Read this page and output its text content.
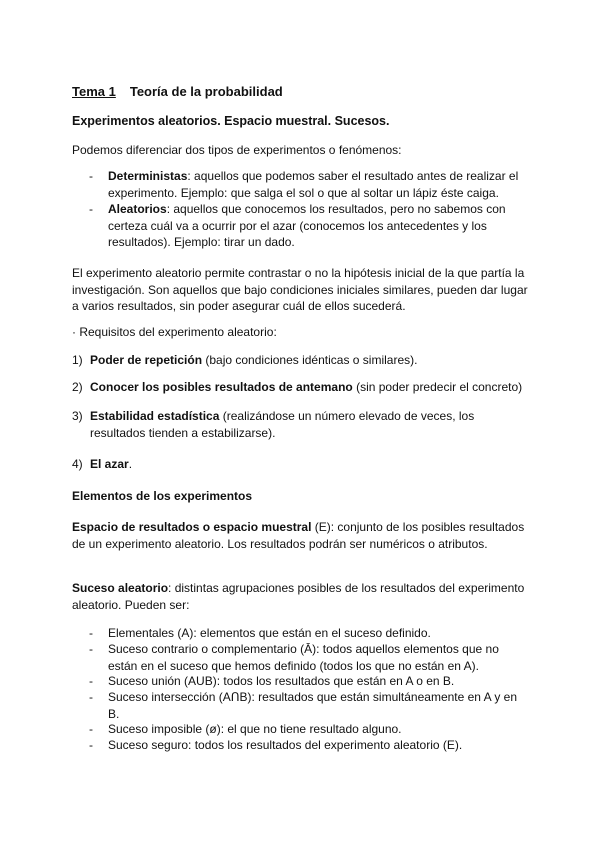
Tema 1 Teoría de la probabilidad
Experimentos aleatorios. Espacio muestral. Sucesos.
Podemos diferenciar dos tipos de experimentos o fenómenos:
- Deterministas: aquellos que podemos saber el resultado antes de realizar el experimento. Ejemplo: que salga el sol o que al soltar un lápiz éste caiga.
- Aleatorios: aquellos que conocemos los resultados, pero no sabemos con certeza cuál va a ocurrir por el azar (conocemos los antecedentes y los resultados). Ejemplo: tirar un dado.
El experimento aleatorio permite contrastar o no la hipótesis inicial de la que partía la investigación. Son aquellos que bajo condiciones iniciales similares, pueden dar lugar a varios resultados, sin poder asegurar cuál de ellos sucederá.
· Requisitos del experimento aleatorio:
1) Poder de repetición (bajo condiciones idénticas o similares).
2) Conocer los posibles resultados de antemano (sin poder predecir el concreto)
3) Estabilidad estadística (realizándose un número elevado de veces, los resultados tienden a estabilizarse).
4) El azar.
Elementos de los experimentos
Espacio de resultados o espacio muestral (E): conjunto de los posibles resultados de un experimento aleatorio. Los resultados podrán ser numéricos o atributos.
Suceso aleatorio: distintas agrupaciones posibles de los resultados del experimento aleatorio. Pueden ser:
- Elementales (A): elementos que están en el suceso definido.
- Suceso contrario o complementario (Ā): todos aquellos elementos que no están en el suceso que hemos definido (todos los que no están en A).
- Suceso unión (AUB): todos los resultados que están en A o en B.
- Suceso intersección (AՈB): resultados que están simultáneamente en A y en B.
- Suceso imposible (ø): el que no tiene resultado alguno.
- Suceso seguro: todos los resultados del experimento aleatorio (E).
